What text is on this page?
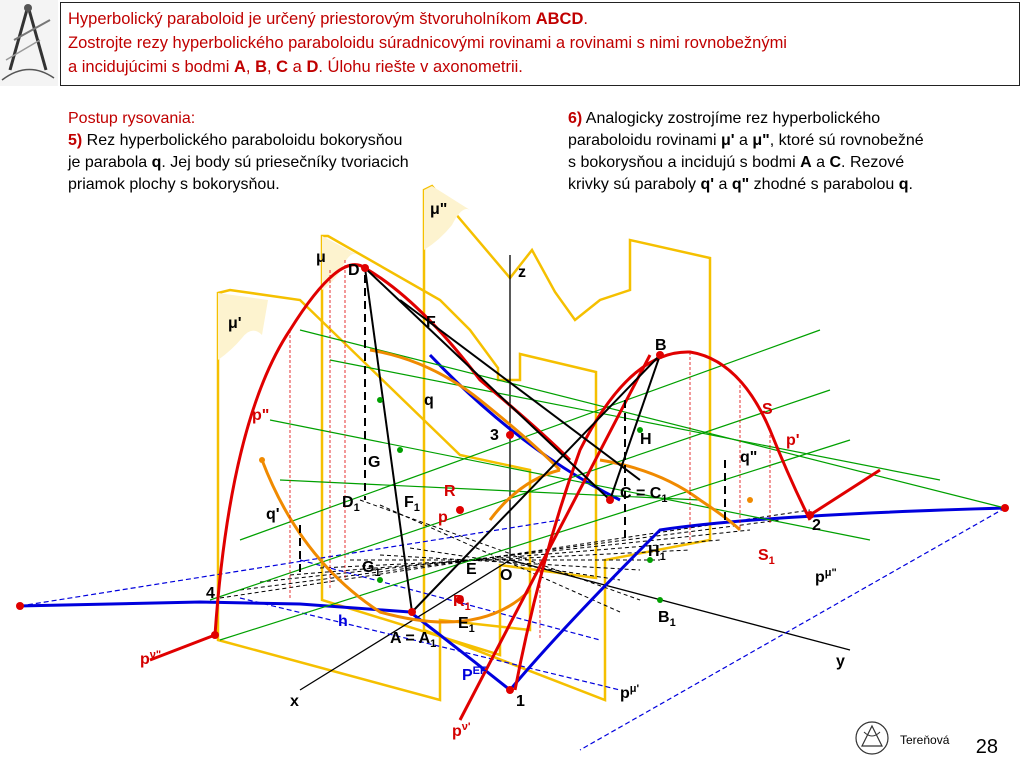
Hyperbolický paraboloid je určený priestorovým štvoruholníkom ABCD.
Zostrojte rezy hyperbolického paraboloidu súradnicovými rovinami a rovinami s nimi rovnobežnými
a incidujúcimi s bodmi A, B, C a D. Úlohu riešte v axonometrii.
Postup rysovania:
5) Rez hyperbolického paraboloidu bokorysňou
je parabola q. Jej body sú priesečníky tvoriacich
priamok plochy s bokorysňou.
6) Analogicky zostrojíme rez hyperbolického
paraboloidu rovinami μ' a μ", ktoré sú rovnobežné
s bokorysňou a incidujú s bodmi A a C. Rezové
krivky sú paraboly q' a q" zhodné s parabolou q.
μ"
μ
μ'
D	z
F
B
q
S
p"
p'
3	H
q"
G
R	$C = C_1$
$D_1$	$F_1$
p
q'
2
$H_1$	$S_1$
$G_1$	E O	$p^{\mu"}$
4	$R_1$
$B_1$
h	$E_1$
$A = A_1$
$p^{\nu"}$	y
$P^{EF}$
x	1	$p^{\mu'}$
$p^{\nu'}$
Tereňová 28
